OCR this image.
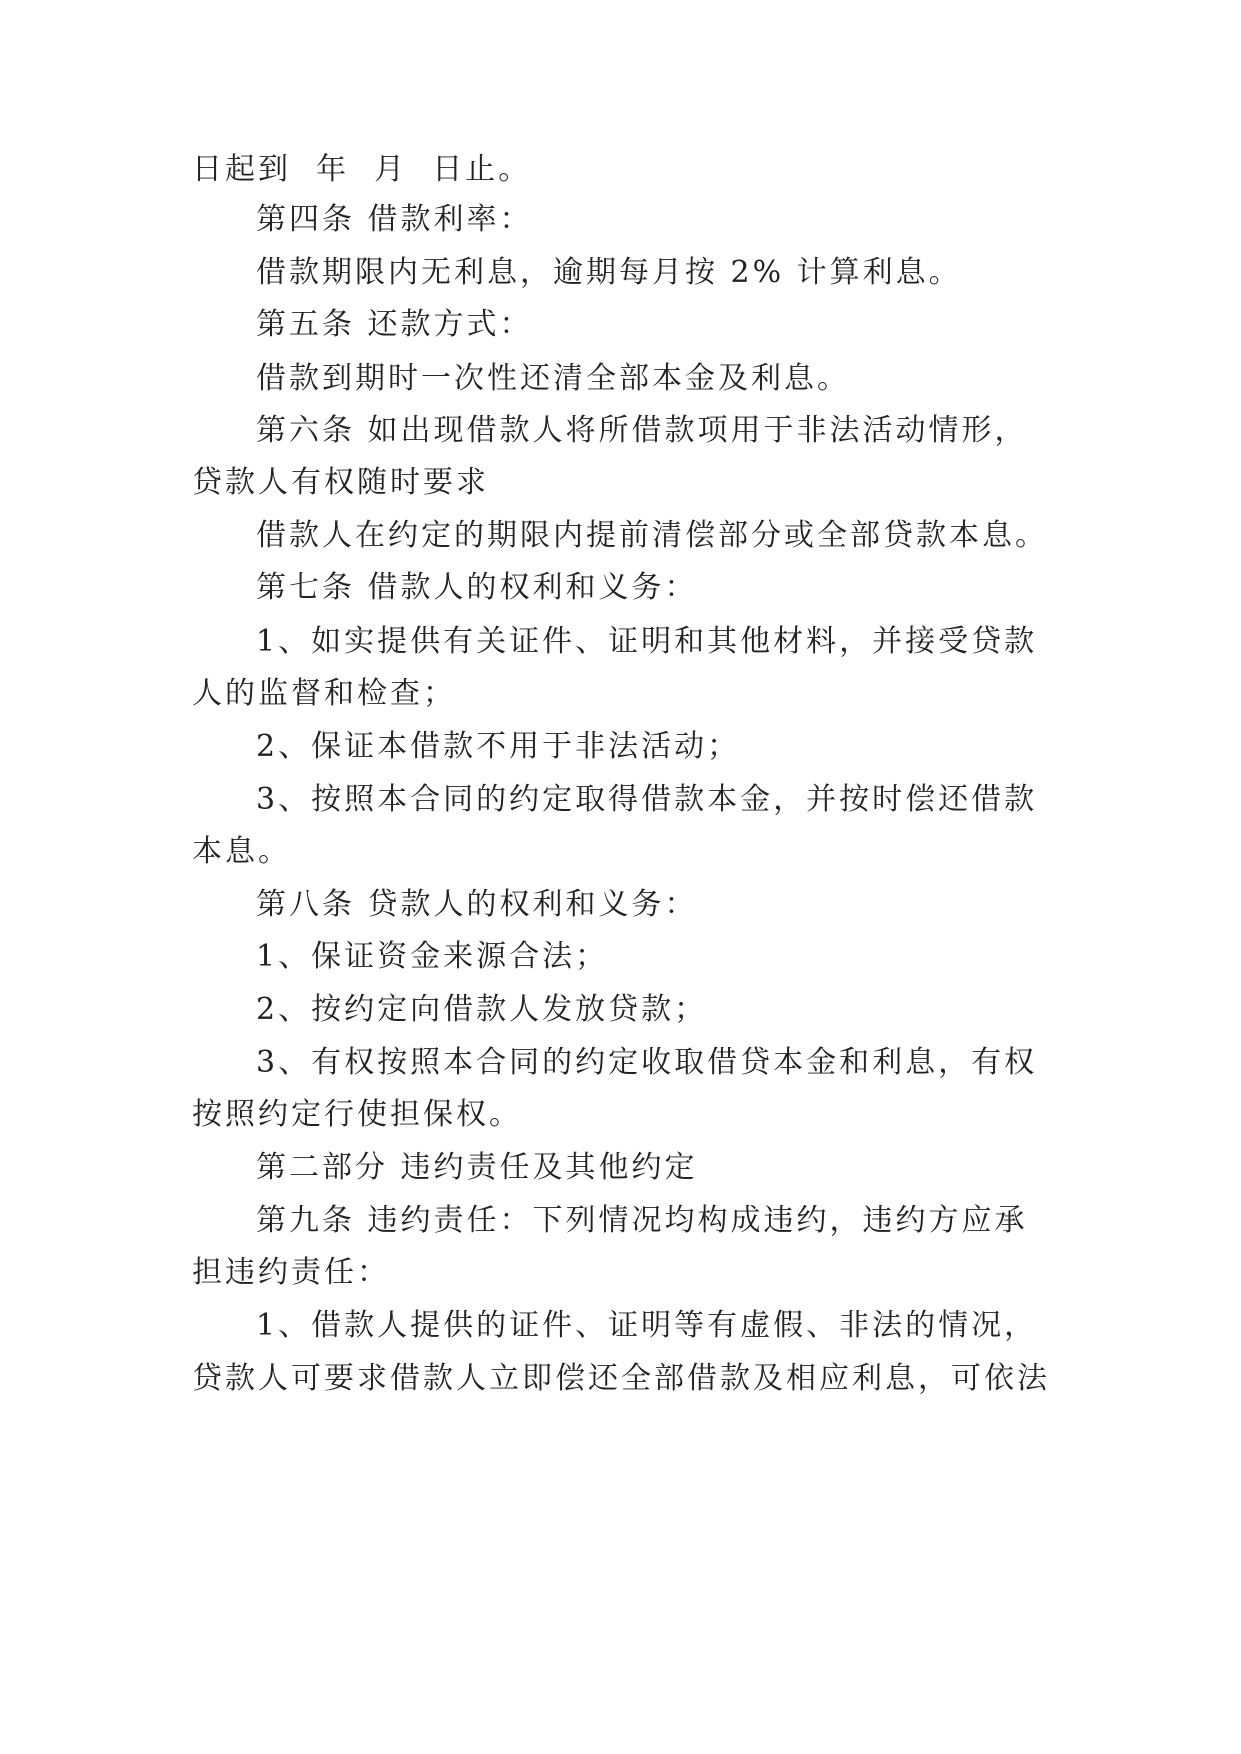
日起到  年  月  日止。
第四条 借款利率：
借款期限内无利息，逾期每月按 2% 计算利息。
第五条 还款方式：
借款到期时一次性还清全部本金及利息。
第六条 如出现借款人将所借款项用于非法活动情形，
贷款人有权随时要求
借款人在约定的期限内提前清偿部分或全部贷款本息。
第七条 借款人的权利和义务：
1、如实提供有关证件、证明和其他材料，并接受贷款
人的监督和检查；
2、保证本借款不用于非法活动；
3、按照本合同的约定取得借款本金，并按时偿还借款
本息。
第八条 贷款人的权利和义务：
1、保证资金来源合法；
2、按约定向借款人发放贷款；
3、有权按照本合同的约定收取借贷本金和利息，有权
按照约定行使担保权。
第二部分 违约责任及其他约定
第九条 违约责任：下列情况均构成违约，违约方应承
担违约责任：
1、借款人提供的证件、证明等有虚假、非法的情况，
贷款人可要求借款人立即偿还全部借款及相应利息，可依法
